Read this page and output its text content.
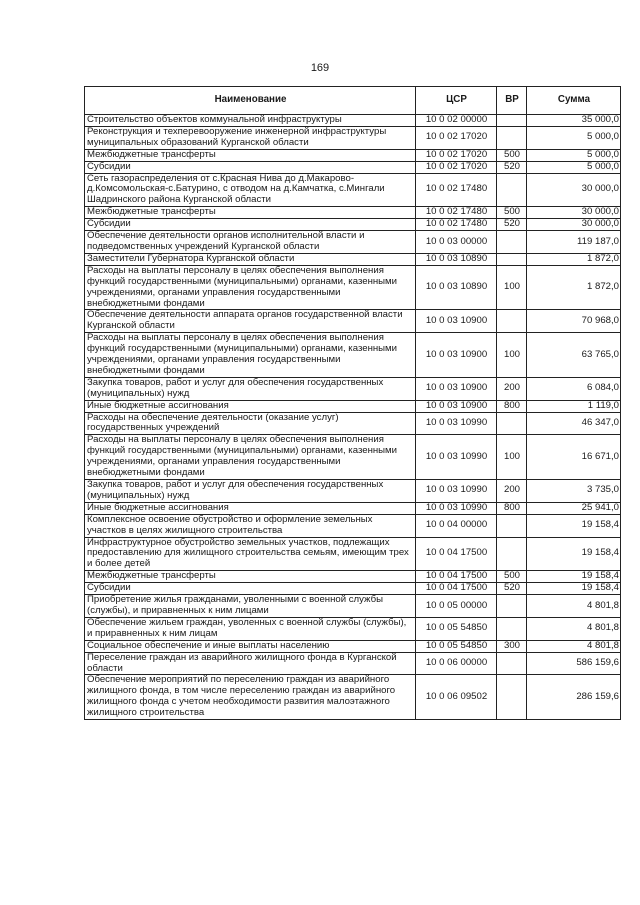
169
Наименование	ЦСР	ВР	Сумма
Строительство объектов коммунальной инфраструктуры	10 0 02 00000		35 000,0
Реконструкция и техперевооружение инженерной инфраструктуры муниципальных образований Курганской области	10 0 02 17020		5 000,0
Межбюджетные трансферты	10 0 02 17020	500	5 000,0
Субсидии	10 0 02 17020	520	5 000,0
Сеть газораспределения от с.Красная Нива до д.Макарово-д.Комсомольская-с.Батурино, с отводом на д.Камчатка, с.Мингали Шадринского района Курганской области	10 0 02 17480		30 000,0
Межбюджетные трансферты	10 0 02 17480	500	30 000,0
Субсидии	10 0 02 17480	520	30 000,0
Обеспечение деятельности органов исполнительной власти и подведомственных учреждений Курганской области	10 0 03 00000		119 187,0
Заместители Губернатора Курганской области	10 0 03 10890		1 872,0
Расходы на выплаты персоналу в целях обеспечения выполнения функций государственными (муниципальными) органами, казенными учреждениями, органами управления государственными внебюджетными фондами	10 0 03 10890	100	1 872,0
Обеспечение деятельности аппарата органов государственной власти Курганской области	10 0 03 10900		70 968,0
Расходы на выплаты персоналу в целях обеспечения выполнения функций государственными (муниципальными) органами, казенными учреждениями, органами управления государственными внебюджетными фондами	10 0 03 10900	100	63 765,0
Закупка товаров, работ и услуг для обеспечения государственных (муниципальных) нужд	10 0 03 10900	200	6 084,0
Иные бюджетные ассигнования	10 0 03 10900	800	1 119,0
Расходы на обеспечение деятельности (оказание услуг) государственных учреждений	10 0 03 10990		46 347,0
Расходы на выплаты персоналу в целях обеспечения выполнения функций государственными (муниципальными) органами, казенными учреждениями, органами управления государственными внебюджетными фондами	10 0 03 10990	100	16 671,0
Закупка товаров, работ и услуг для обеспечения государственных (муниципальных) нужд	10 0 03 10990	200	3 735,0
Иные бюджетные ассигнования	10 0 03 10990	800	25 941,0
Комплексное освоение обустройство и оформление земельных участков в целях жилищного строительства	10 0 04 00000		19 158,4
Инфраструктурное обустройство земельных участков, подлежащих предоставлению для жилищного строительства семьям, имеющим трех и более детей	10 0 04 17500		19 158,4
Межбюджетные трансферты	10 0 04 17500	500	19 158,4
Субсидии	10 0 04 17500	520	19 158,4
Приобретение жилья гражданами, уволенными с военной службы (службы), и приравненных к ним лицами	10 0 05 00000		4 801,8
Обеспечение жильем граждан, уволенных с военной службы (службы), и приравненных к ним лицам	10 0 05 54850		4 801,8
Социальное обеспечение и иные выплаты населению	10 0 05 54850	300	4 801,8
Переселение граждан из аварийного жилищного фонда в Курганской области	10 0 06 00000		586 159,6
Обеспечение мероприятий по переселению граждан из аварийного жилищного фонда, в том числе переселению граждан из аварийного жилищного фонда с учетом необходимости развития малоэтажного жилищного строительства	10 0 06 09502		286 159,6
